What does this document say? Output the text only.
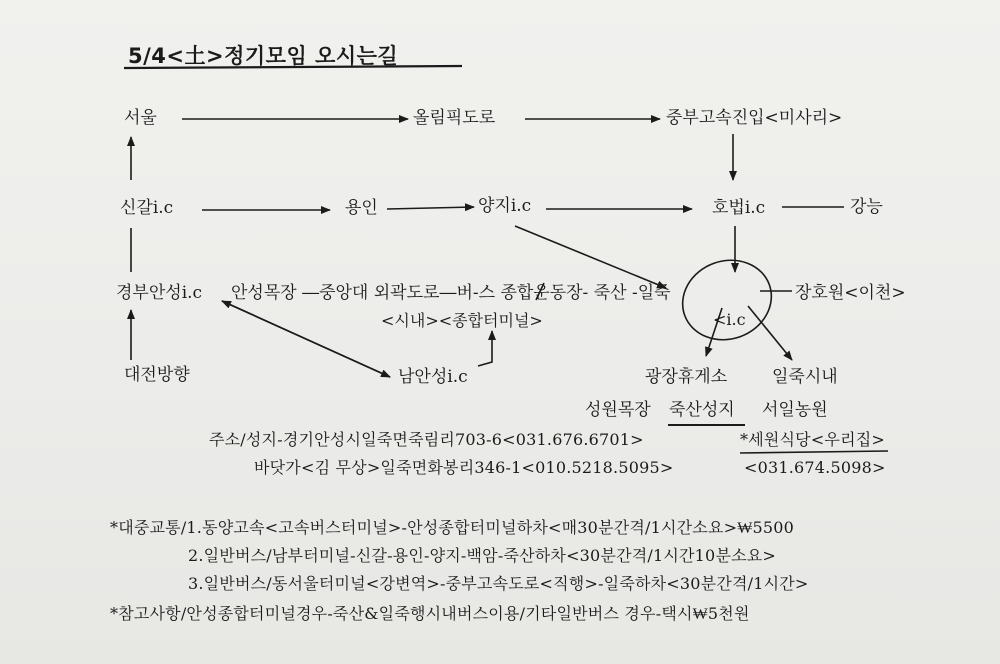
5/4<土>정기모임 오시는길
서울	올림픽도로	중부고속진입<미사리>
신갈i.c	용인	양지i.c	호법i.c	강능
경부안성i.c 안성목장 ―중앙대 외곽도로―버-스 종합운동장- 죽산 -일죽	장호원<이천>
<시내><종합터미널>	<i.c
대전방향	남안성i.c	광장휴게소	일죽시내
성원목장 죽산성지 서일농원
주소/성지-경기안성시일죽면죽림리703-6<031.676.6701>	*세원식당<우리집>
바닷가<김 무상>일죽면화봉리346-1<010.5218.5095>	<031.674.5098>
*대중교통/1.동양고속<고속버스터미널>-안성종합터미널하차<매30분간격/1시간소요>₩5500
2.일반버스/남부터미널-신갈-용인-양지-백암-죽산하차<30분간격/1시간10분소요>
3.일반버스/동서울터미널<강변역>-중부고속도로<직행>-일죽하차<30분간격/1시간>
*참고사항/안성종합터미널경우-죽산&일죽행시내버스이용/기타일반버스 경우-택시₩5천원
